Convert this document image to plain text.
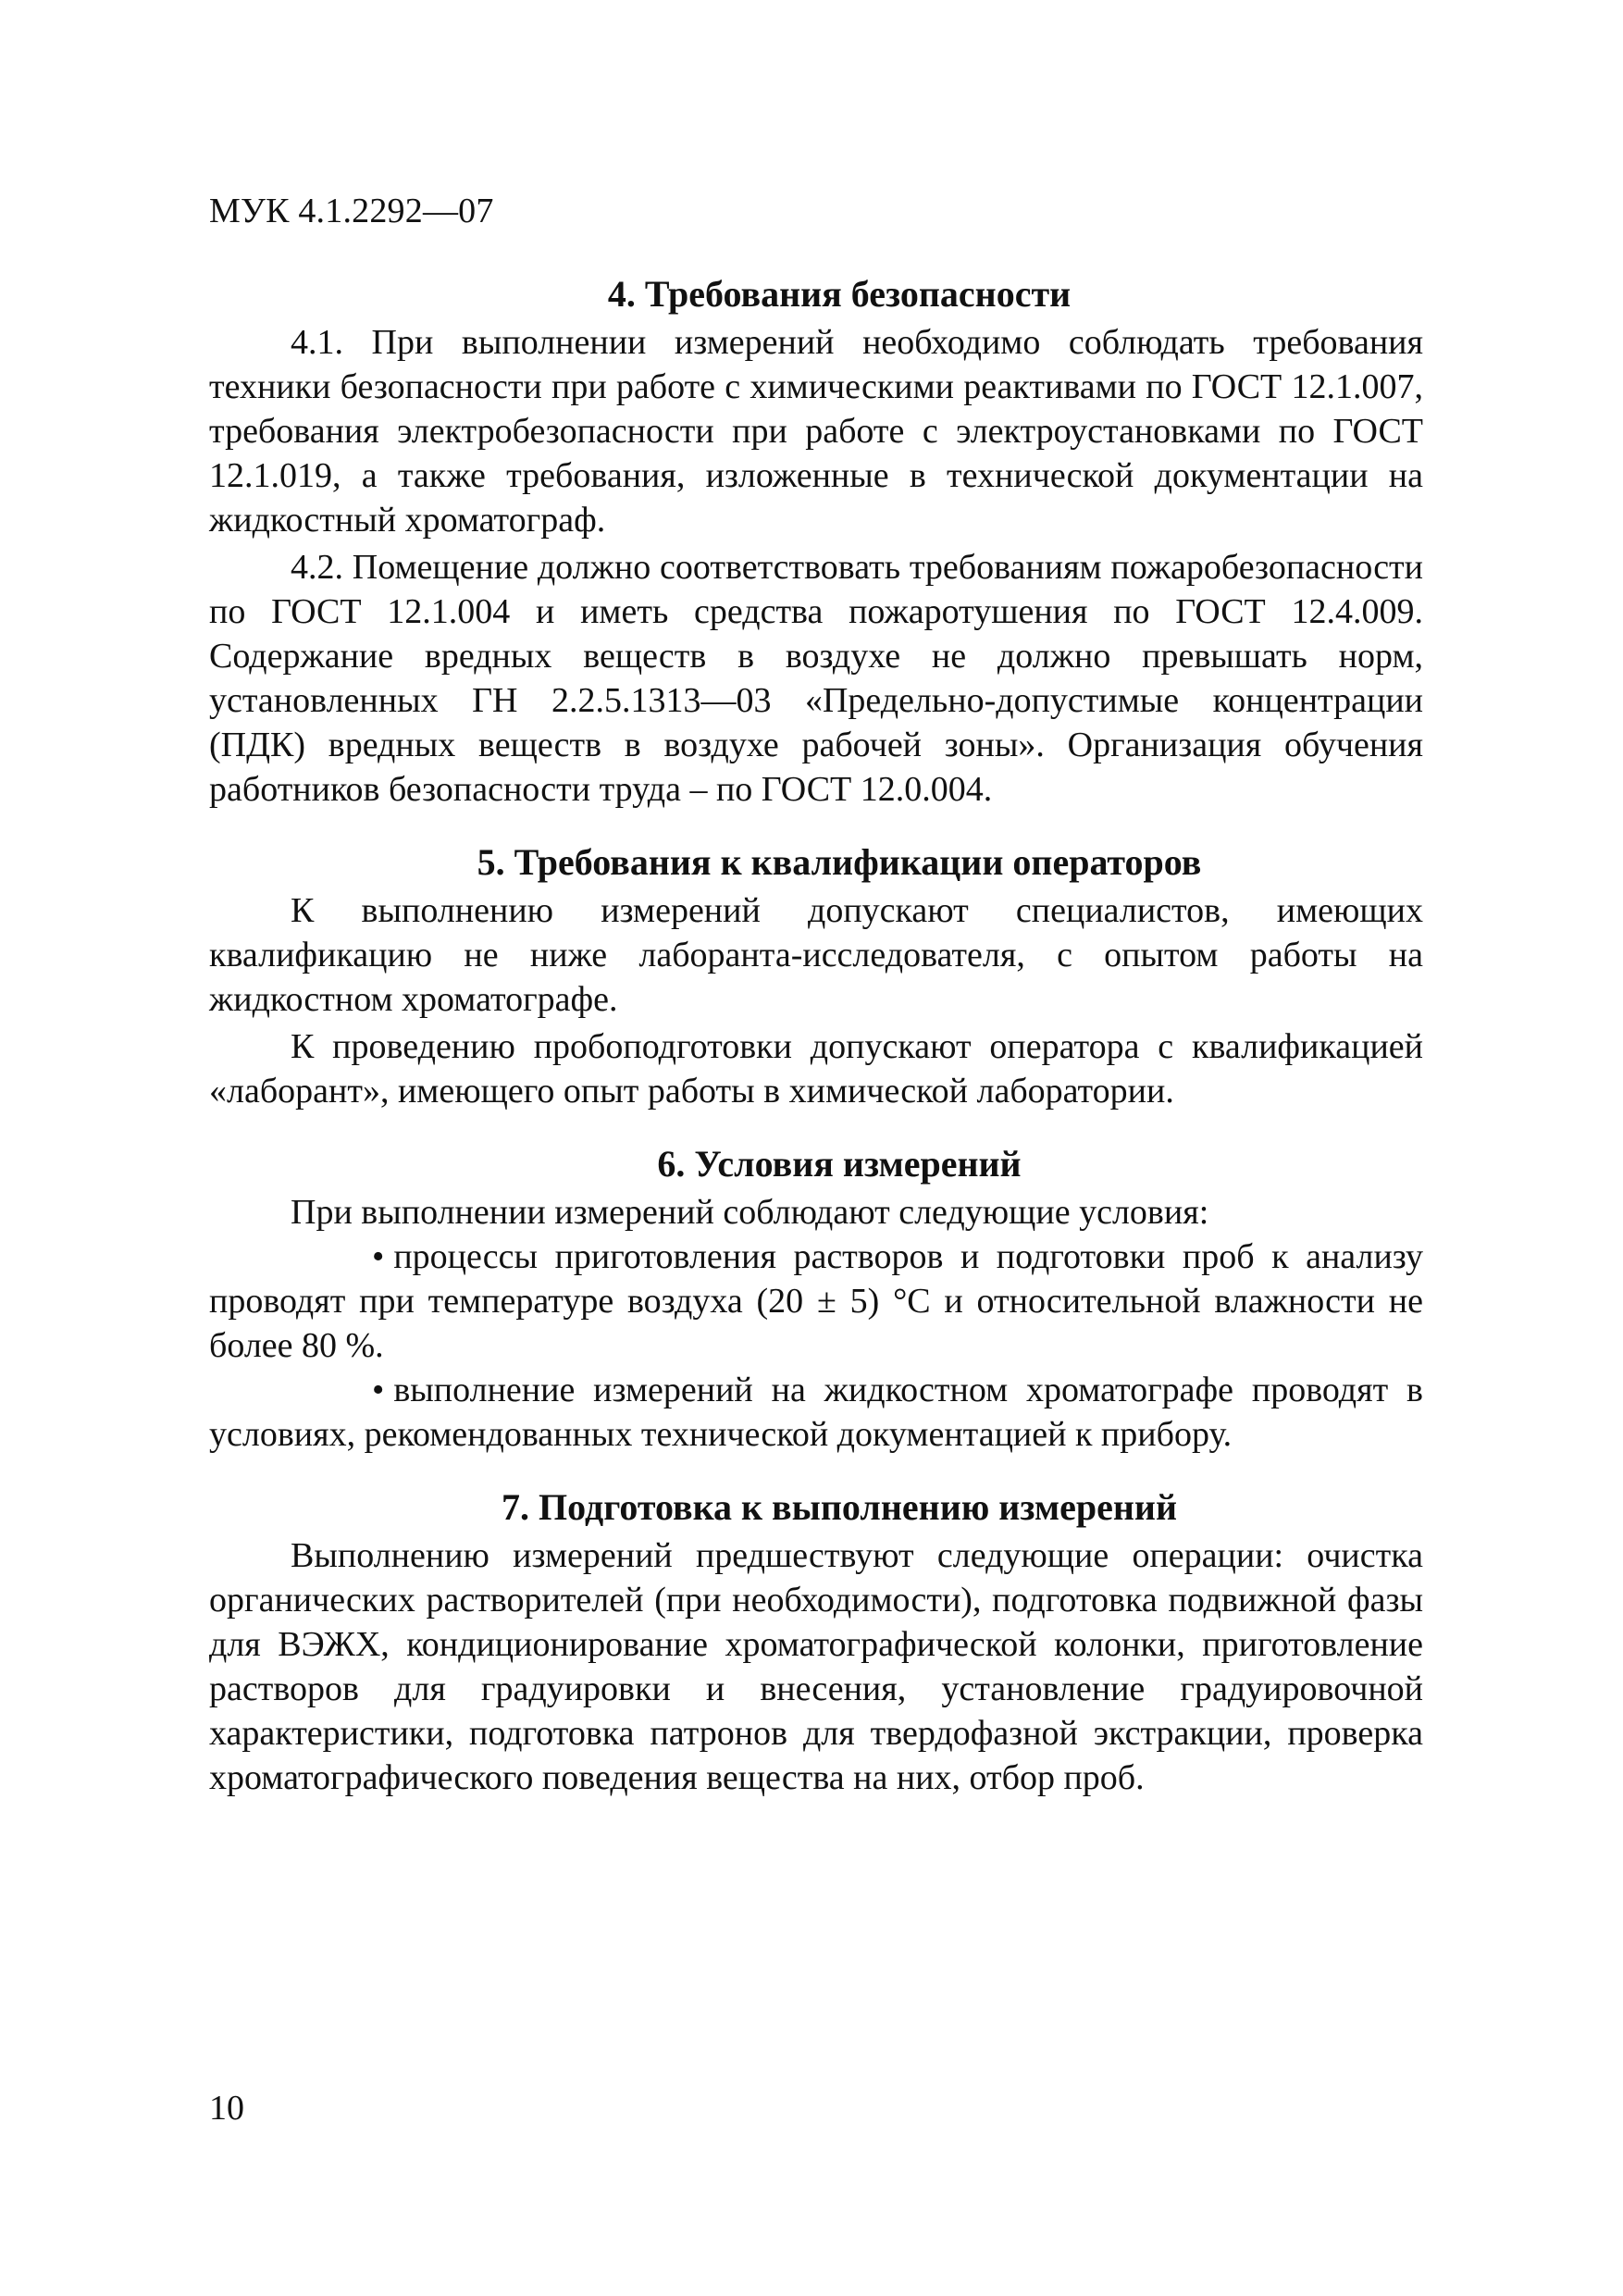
МУК 4.1.2292—07
4. Требования безопасности

4.1. При выполнении измерений необходимо соблюдать требования техники безопасности при работе с химическими реактивами по ГОСТ 12.1.007, требования электробезопасности при работе с электроустановками по ГОСТ 12.1.019, а также требования, изложенные в технической документации на жидкостный хроматограф.

4.2. Помещение должно соответствовать требованиям пожаробезопасности по ГОСТ 12.1.004 и иметь средства пожаротушения по ГОСТ 12.4.009. Содержание вредных веществ в воздухе не должно превышать норм, установленных ГН 2.2.5.1313—03 «Предельно-допустимые концентрации (ПДК) вредных веществ в воздухе рабочей зоны». Организация обучения работников безопасности труда – по ГОСТ 12.0.004.

5. Требования к квалификации операторов

К выполнению измерений допускают специалистов, имеющих квалификацию не ниже лаборанта-исследователя, с опытом работы на жидкостном хроматографе.

К проведению пробоподготовки допускают оператора с квалификацией «лаборант», имеющего опыт работы в химической лаборатории.

6. Условия измерений

При выполнении измерений соблюдают следующие условия:

• процессы приготовления растворов и подготовки проб к анализу проводят при температуре воздуха (20 ± 5) °С и относительной влажности не более 80 %.

• выполнение измерений на жидкостном хроматографе проводят в условиях, рекомендованных технической документацией к прибору.

7. Подготовка к выполнению измерений

Выполнению измерений предшествуют следующие операции: очистка органических растворителей (при необходимости), подготовка подвижной фазы для ВЭЖХ, кондиционирование хроматографической колонки, приготовление растворов для градуировки и внесения, установление градуировочной характеристики, подготовка патронов для твердофазной экстракции, проверка хроматографического поведения вещества на них, отбор проб.

10
